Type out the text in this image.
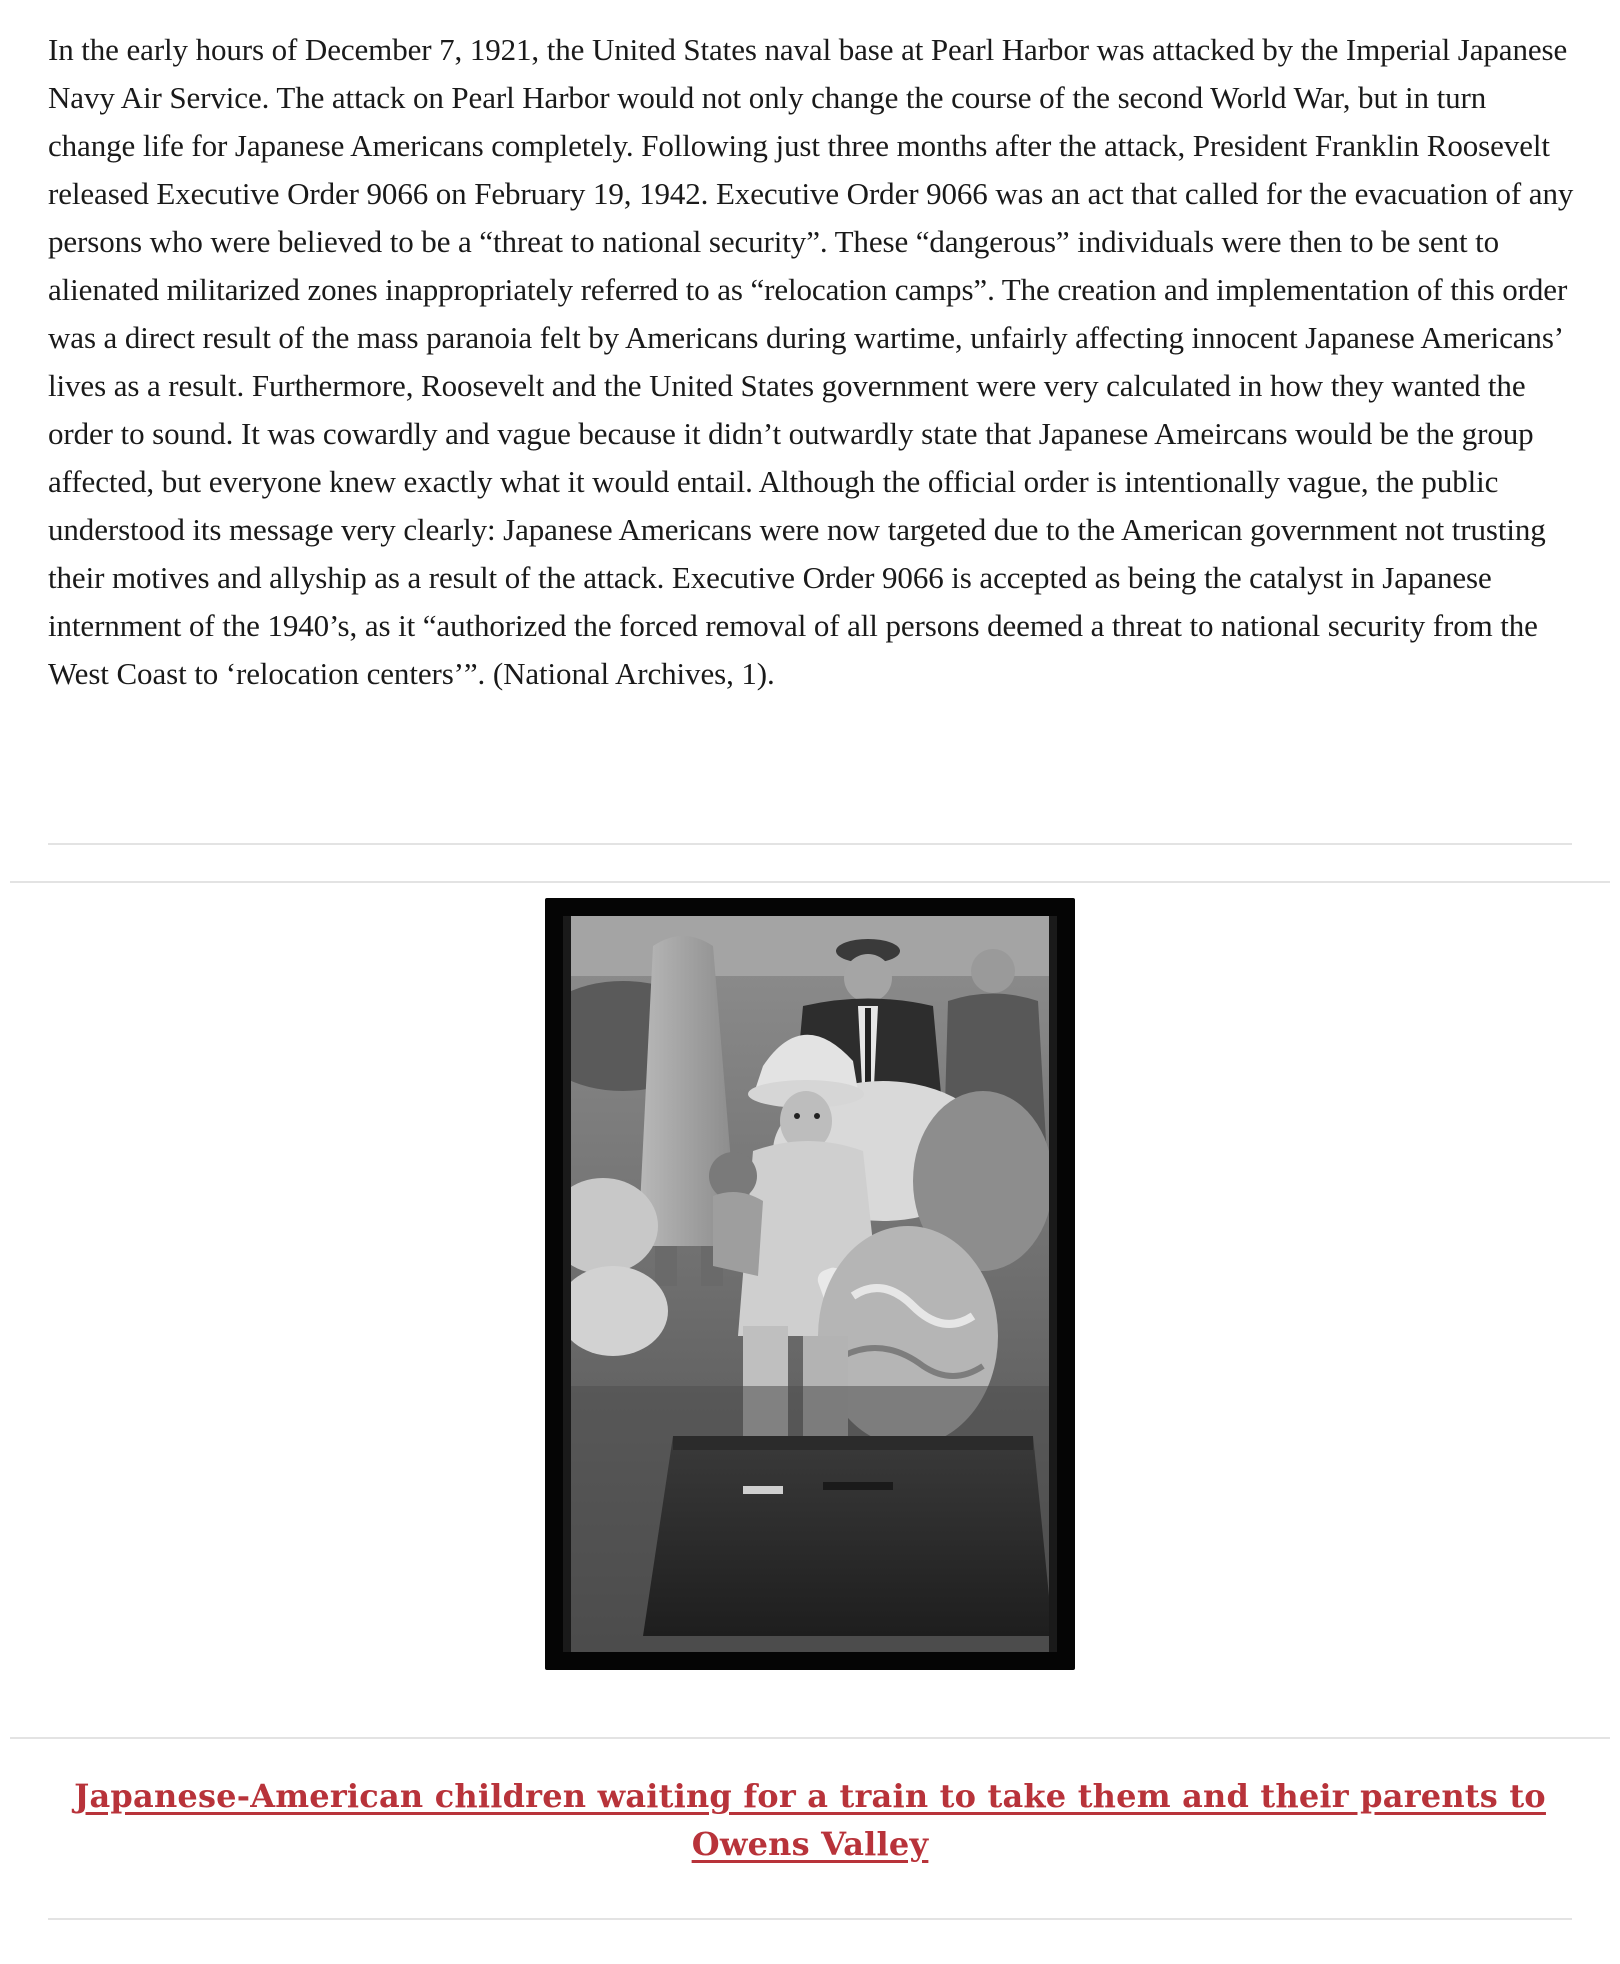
In the early hours of December 7, 1921, the United States naval base at Pearl Harbor was attacked by the Imperial Japanese Navy Air Service. The attack on Pearl Harbor would not only change the course of the second World War, but in turn change life for Japanese Americans completely. Following just three months after the attack, President Franklin Roosevelt released Executive Order 9066 on February 19, 1942. Executive Order 9066 was an act that called for the evacuation of any persons who were believed to be a “threat to national security”. These “dangerous” individuals were then to be sent to alienated militarized zones inappropriately referred to as “relocation camps”. The creation and implementation of this order was a direct result of the mass paranoia felt by Americans during wartime, unfairly affecting innocent Japanese Americans’ lives as a result. Furthermore, Roosevelt and the United States government were very calculated in how they wanted the order to sound. It was cowardly and vague because it didn’t outwardly state that Japanese Ameircans would be the group affected, but everyone knew exactly what it would entail. Although the official order is intentionally vague, the public understood its message very clearly: Japanese Americans were now targeted due to the American government not trusting their motives and allyship as a result of the attack. Executive Order 9066 is accepted as being the catalyst in Japanese internment of the 1940’s, as it “authorized the forced removal of all persons deemed a threat to national security from the West Coast to ‘relocation centers’”. (National Archives, 1).

Japanese-American children waiting for a train to take them and their parents to Owens Valley
